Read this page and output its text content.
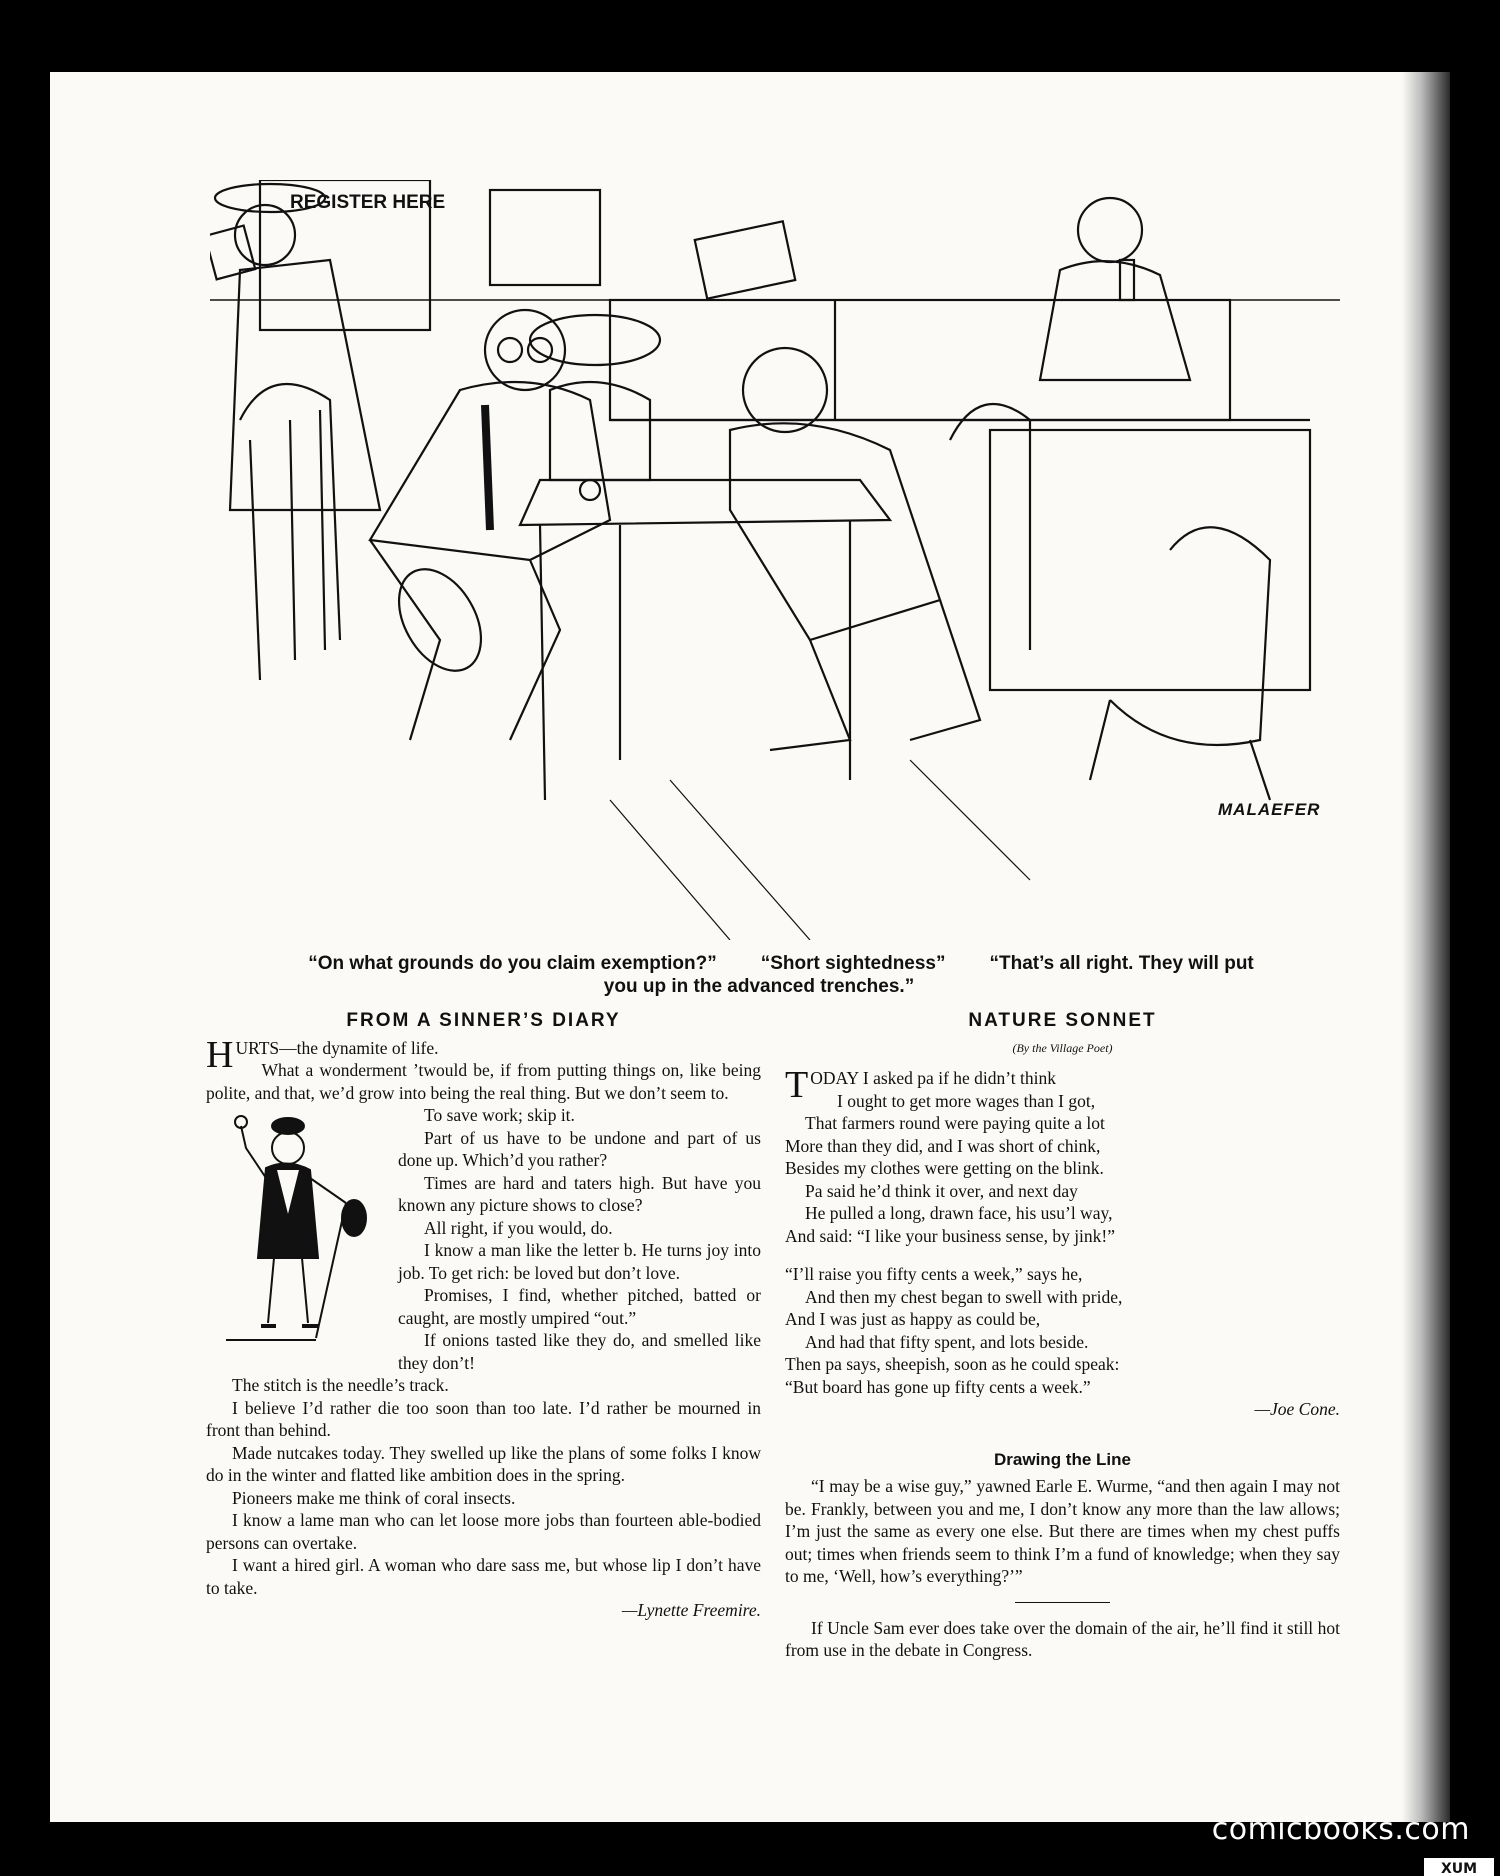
REGISTER HERE
MALAEFER
“On what grounds do you claim exemption?” “Short sightedness” “That’s all right. They will put you up in the advanced trenches.”
FROM A SINNER’S DIARY

HURTS—the dynamite of life.

What a wonderment ’twould be, if from putting things on, like being polite, and that, we’d grow into being the real thing. But we don’t seem to.

To save work; skip it.

Part of us have to be undone and part of us done up. Which’d you rather?

Times are hard and taters high. But have you known any picture shows to close?

All right, if you would, do.

I know a man like the letter b. He turns joy into job. To get rich: be loved but don’t love.

Promises, I find, whether pitched, batted or caught, are mostly umpired “out.”

If onions tasted like they do, and smelled like they don’t!

The stitch is the needle’s track.

I believe I’d rather die too soon than too late. I’d rather be mourned in front than behind.

Made nutcakes today. They swelled up like the plans of some folks I know do in the winter and flatted like ambition does in the spring.

Pioneers make me think of coral insects.

I know a lame man who can let loose more jobs than fourteen able-bodied persons can overtake.

I want a hired girl. A woman who dare sass me, but whose lip I don’t have to take.

—Lynette Freemire.
NATURE SONNET
(By the Village Poet)

TODAY I asked pa if he didn’t think

I ought to get more wages than I got,

That farmers round were paying quite a lot

More than they did, and I was short of chink,

Besides my clothes were getting on the blink.

Pa said he’d think it over, and next day

He pulled a long, drawn face, his usu’l way,

And said: “I like your business sense, by jink!”

“I’ll raise you fifty cents a week,” says he,

And then my chest began to swell with pride,

And I was just as happy as could be,

And had that fifty spent, and lots beside.

Then pa says, sheepish, soon as he could speak:

“But board has gone up fifty cents a week.”

—Joe Cone.
Drawing the Line

“I may be a wise guy,” yawned Earle E. Wurme, “and then again I may not be. Frankly, between you and me, I don’t know any more than the law allows; I’m just the same as every one else. But there are times when my chest puffs out; times when friends seem to think I’m a fund of knowledge; when they say to me, ‘Well, how’s everything?’”

If Uncle Sam ever does take over the domain of the air, he’ll find it still hot from use in the debate in Congress.

comicbooks.com
XUM
